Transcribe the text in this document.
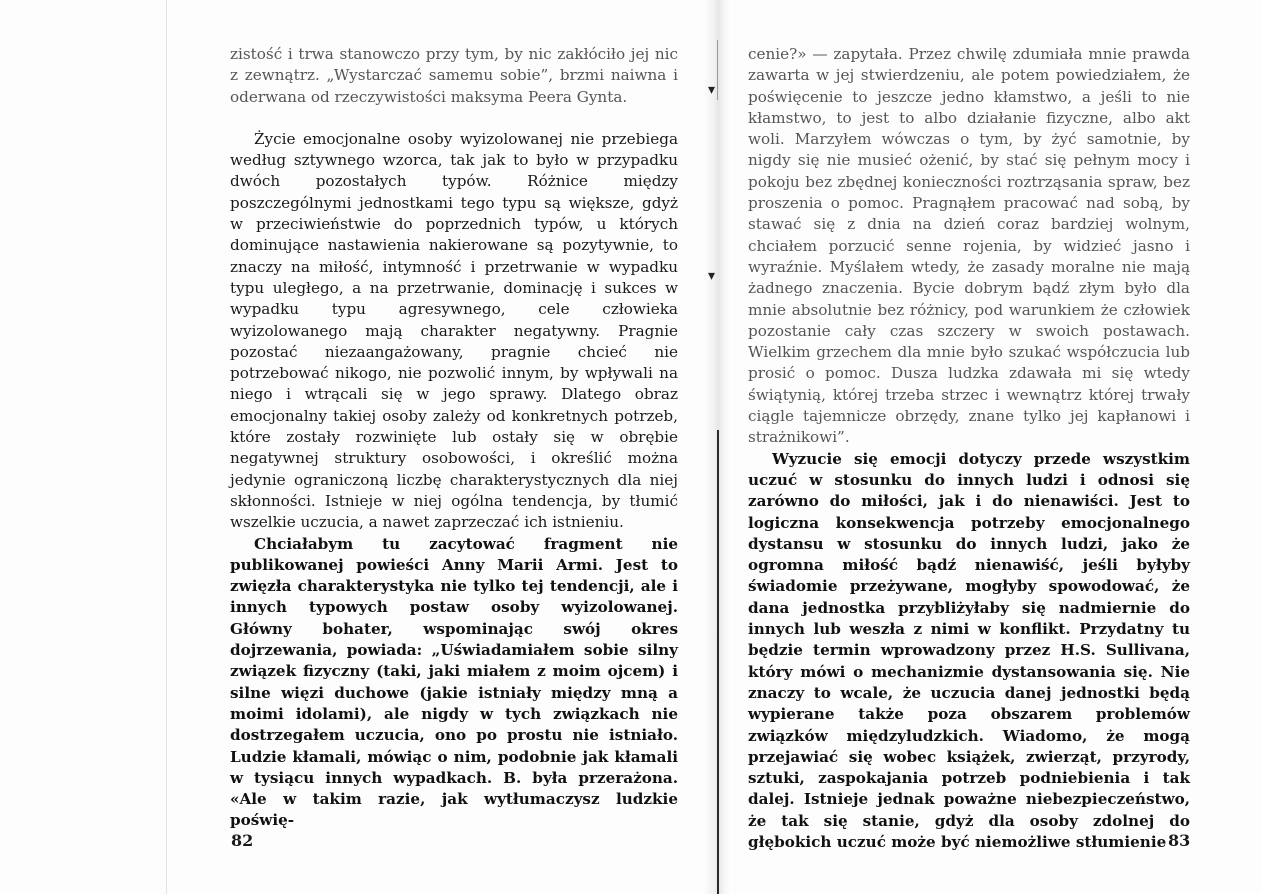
▾
▾

zistość i trwa stanowczo przy tym, by nic zakłóciło jej nic z zewnątrz. „Wystarczać samemu sobie”, brzmi naiwna i oderwana od rzeczywistości maksyma Peera Gynta.

Życie emocjonalne osoby wyizolowanej nie przebiega według sztywnego wzorca, tak jak to było w przypadku dwóch pozostałych typów. Różnice między poszczególnymi jednostkami tego typu są większe, gdyż w przeciwieństwie do poprzednich typów, u których dominujące nastawienia nakierowane są pozytywnie, to znaczy na miłość, intymność i przetrwanie w wypadku typu uległego, a na przetrwanie, dominację i sukces w wypadku typu agresywnego, cele człowieka wyizolowanego mają charakter negatywny. Pragnie pozostać niezaangażowany, pragnie chcieć nie potrzebować nikogo, nie pozwolić innym, by wpływali na niego i wtrącali się w jego sprawy. Dlatego obraz emocjonalny takiej osoby zależy od konkretnych potrzeb, które zostały rozwinięte lub ostały się w obrębie negatywnej struktury osobowości, i określić można jedynie ograniczoną liczbę charakterystycznych dla niej skłonności. Istnieje w niej ogólna tendencja, by tłumić wszelkie uczucia, a nawet zaprzeczać ich istnieniu.

Chciałabym tu zacytować fragment nie publikowanej powieści Anny Marii Armi. Jest to zwięzła charakterystyka nie tylko tej tendencji, ale i innych typowych postaw osoby wyizolowanej. Główny bohater, wspominając swój okres dojrzewania, powiada: „Uświadamiałem sobie silny związek fizyczny (taki, jaki miałem z moim ojcem) i silne więzi duchowe (jakie istniały między mną a moimi idolami), ale nigdy w tych związkach nie dostrzegałem uczucia, ono po prostu nie istniało. Ludzie kłamali, mówiąc o nim, podobnie jak kłamali w tysiącu innych wypadkach. B. była przerażona. «Ale w takim razie, jak wytłumaczysz ludzkie poświę-

cenie?» — zapytała. Przez chwilę zdumiała mnie prawda zawarta w jej stwierdzeniu, ale potem powiedziałem, że poświęcenie to jeszcze jedno kłamstwo, a jeśli to nie kłamstwo, to jest to albo działanie fizyczne, albo akt woli. Marzyłem wówczas o tym, by żyć samotnie, by nigdy się nie musieć ożenić, by stać się pełnym mocy i pokoju bez zbędnej konieczności roztrząsania spraw, bez proszenia o pomoc. Pragnąłem pracować nad sobą, by stawać się z dnia na dzień coraz bardziej wolnym, chciałem porzucić senne rojenia, by widzieć jasno i wyraźnie. Myślałem wtedy, że zasady moralne nie mają żadnego znaczenia. Bycie dobrym bądź złym było dla mnie absolutnie bez różnicy, pod warunkiem że człowiek pozostanie cały czas szczery w swoich postawach. Wielkim grzechem dla mnie było szukać współczucia lub prosić o pomoc. Dusza ludzka zdawała mi się wtedy świątynią, której trzeba strzec i wewnątrz której trwały ciągle tajemnicze obrzędy, znane tylko jej kapłanowi i strażnikowi”.

Wyzucie się emocji dotyczy przede wszystkim uczuć w stosunku do innych ludzi i odnosi się zarówno do miłości, jak i do nienawiści. Jest to logiczna konsekwencja potrzeby emocjonalnego dystansu w stosunku do innych ludzi, jako że ogromna miłość bądź nienawiść, jeśli byłyby świadomie przeżywane, mogłyby spowodować, że dana jednostka przybliżyłaby się nadmiernie do innych lub weszła z nimi w konflikt. Przydatny tu będzie termin wprowadzony przez H.S. Sullivana, który mówi o mechanizmie dystansowania się. Nie znaczy to wcale, że uczucia danej jednostki będą wypierane także poza obszarem problemów związków międzyludzkich. Wiadomo, że mogą przejawiać się wobec książek, zwierząt, przyrody, sztuki, zaspokajania potrzeb podniebienia i tak dalej. Istnieje jednak poważne niebezpieczeństwo, że tak się stanie, gdyż dla osoby zdolnej do głębokich uczuć może być niemożliwe stłumienie

82	83
